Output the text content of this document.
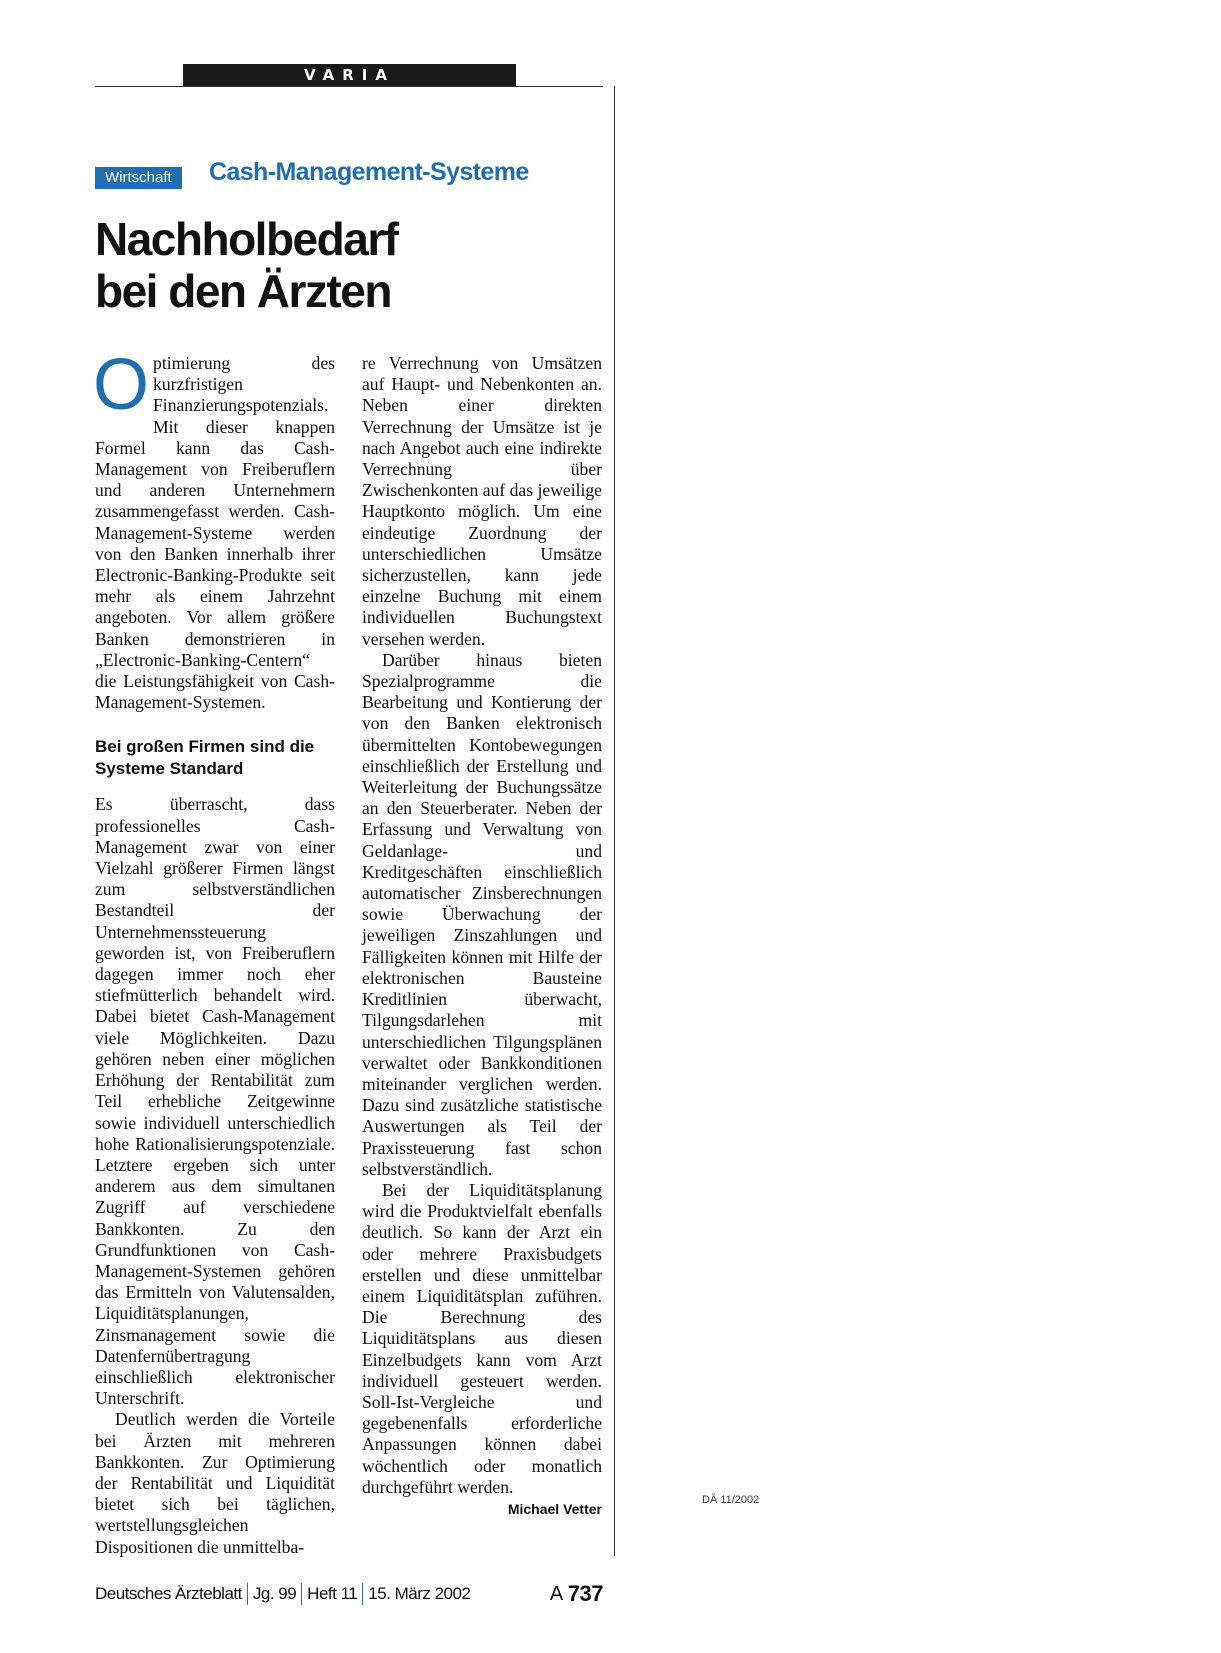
VARIA
Wirtschaft	Cash-Management-Systeme
Nachholbedarf
bei den Ärzten

Optimierung des kurzfristigen Finanzierungspotenzials. Mit dieser knappen Formel kann das Cash-Management von Freiberuflern und anderen Unternehmern zusammengefasst werden. Cash-Management-Systeme werden von den Banken innerhalb ihrer Electronic-Banking-Produkte seit mehr als einem Jahrzehnt angeboten. Vor allem größere Banken demonstrieren in „Electronic-Banking-Centern“ die Leistungsfähigkeit von Cash-Management-Systemen.

Bei großen Firmen sind die Systeme Standard

Es überrascht, dass professionelles Cash-Management zwar von einer Vielzahl größerer Firmen längst zum selbstverständlichen Bestandteil der Unternehmenssteuerung geworden ist, von Freiberuflern dagegen immer noch eher stiefmütterlich behandelt wird. Dabei bietet Cash-Management viele Möglichkeiten. Dazu gehören neben einer möglichen Erhöhung der Rentabilität zum Teil erhebliche Zeitgewinne sowie individuell unterschiedlich hohe Rationalisierungspotenziale. Letztere ergeben sich unter anderem aus dem simultanen Zugriff auf verschiedene Bankkonten. Zu den Grundfunktionen von Cash-Management-Systemen gehören das Ermitteln von Valutensalden, Liquiditätsplanungen, Zinsmanagement sowie die Datenfernübertragung einschließlich elektronischer Unterschrift.

Deutlich werden die Vorteile bei Ärzten mit mehreren Bankkonten. Zur Optimierung der Rentabilität und Liquidität bietet sich bei täglichen, wertstellungsgleichen Dispositionen die unmittelba-

re Verrechnung von Umsätzen auf Haupt- und Nebenkonten an. Neben einer direkten Verrechnung der Umsätze ist je nach Angebot auch eine indirekte Verrechnung über Zwischenkonten auf das jeweilige Hauptkonto möglich. Um eine eindeutige Zuordnung der unterschiedlichen Umsätze sicherzustellen, kann jede einzelne Buchung mit einem individuellen Buchungstext versehen werden.

Darüber hinaus bieten Spezialprogramme die Bearbeitung und Kontierung der von den Banken elektronisch übermittelten Kontobewegungen einschließlich der Erstellung und Weiterleitung der Buchungssätze an den Steuerberater. Neben der Erfassung und Verwaltung von Geldanlage- und Kreditgeschäften einschließlich automatischer Zinsberechnungen sowie Überwachung der jeweiligen Zinszahlungen und Fälligkeiten können mit Hilfe der elektronischen Bausteine Kreditlinien überwacht, Tilgungsdarlehen mit unterschiedlichen Tilgungsplänen verwaltet oder Bankkonditionen miteinander verglichen werden. Dazu sind zusätzliche statistische Auswertungen als Teil der Praxissteuerung fast schon selbstverständlich.

Bei der Liquiditätsplanung wird die Produktvielfalt ebenfalls deutlich. So kann der Arzt ein oder mehrere Praxisbudgets erstellen und diese unmittelbar einem Liquiditätsplan zuführen. Die Berechnung des Liquiditätsplans aus diesen Einzelbudgets kann vom Arzt individuell gesteuert werden. Soll-Ist-Vergleiche und gegebenenfalls erforderliche Anpassungen können dabei wöchentlich oder monatlich durchgeführt werden.
Michael Vetter

DÄ 11/2002
Deutsches Ärzteblatt Jg. 99 Heft 11 15. März 2002	A 737
